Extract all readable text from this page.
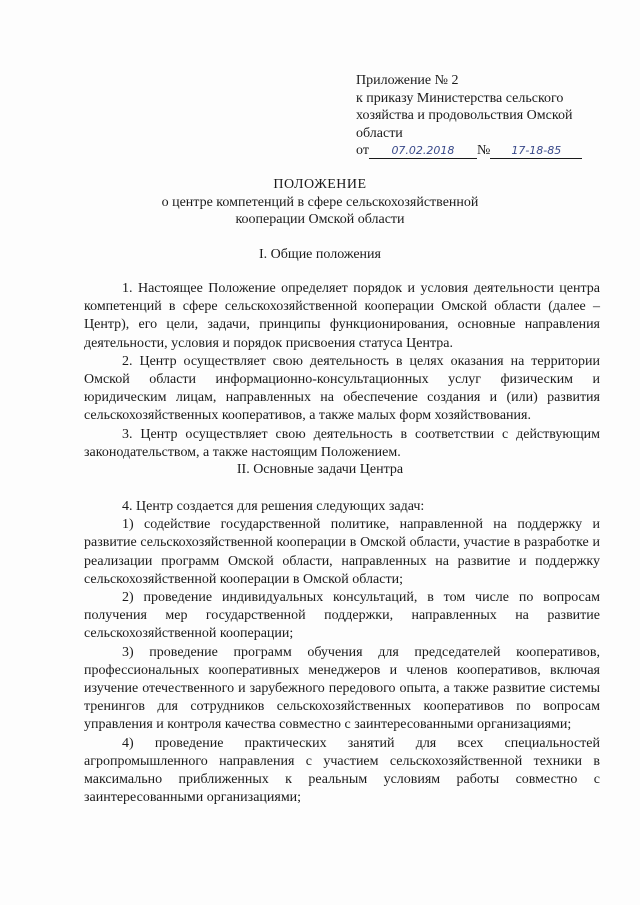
Приложение № 2
к приказу Министерства сельского
хозяйства и продовольствия Омской
области
от 07.02.2018 № 17-18-85
ПОЛОЖЕНИЕ
о центре компетенций в сфере сельскохозяйственной
кооперации Омской области
I. Общие положения

1. Настоящее Положение определяет порядок и условия деятельности центра компетенций в сфере сельскохозяйственной кооперации Омской области (далее – Центр), его цели, задачи, принципы функционирования, основные направления деятельности, условия и порядок присвоения статуса Центра.

2. Центр осуществляет свою деятельность в целях оказания на территории Омской области информационно-консультационных услуг физическим и юридическим лицам, направленных на обеспечение создания и (или) развития сельскохозяйственных кооперативов, а также малых форм хозяйствования.

3. Центр осуществляет свою деятельность в соответствии с действующим законодательством, а также настоящим Положением.

II. Основные задачи Центра

4. Центр создается для решения следующих задач:

1) содействие государственной политике, направленной на поддержку и развитие сельскохозяйственной кооперации в Омской области, участие в разработке и реализации программ Омской области, направленных на развитие и поддержку сельскохозяйственной кооперации в Омской области;

2) проведение индивидуальных консультаций, в том числе по вопросам получения мер государственной поддержки, направленных на развитие сельскохозяйственной кооперации;

3) проведение программ обучения для председателей кооперативов, профессиональных кооперативных менеджеров и членов кооперативов, включая изучение отечественного и зарубежного передового опыта, а также развитие системы тренингов для сотрудников сельскохозяйственных кооперативов по вопросам управления и контроля качества совместно с заинтересованными организациями;

4) проведение практических занятий для всех специальностей агропромышленного направления с участием сельскохозяйственной техники в максимально приближенных к реальным условиям работы совместно с заинтересованными организациями;
